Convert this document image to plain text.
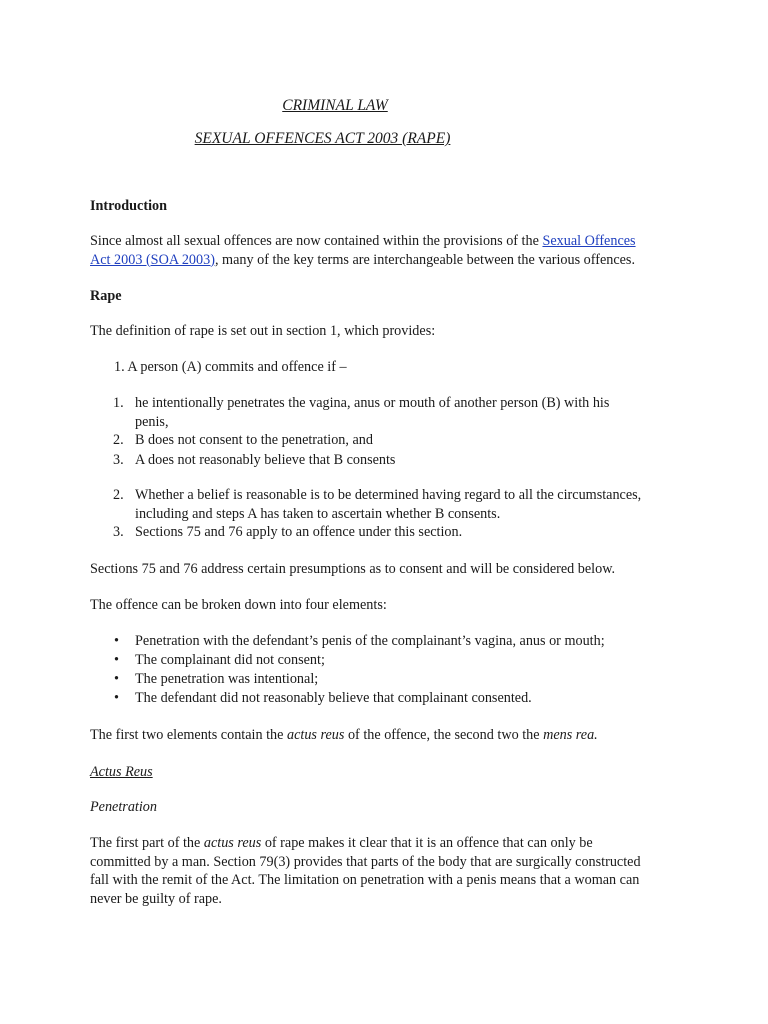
CRIMINAL LAW
SEXUAL OFFENCES ACT 2003 (RAPE)
Introduction
Since almost all sexual offences are now contained within the provisions of the Sexual Offences
Act 2003 (SOA 2003), many of the key terms are interchangeable between the various offences.
Rape
The definition of rape is set out in section 1, which provides:
1. A person (A) commits and offence if –
1. he intentionally penetrates the vagina, anus or mouth of another person (B) with his
penis,
2. B does not consent to the penetration, and
3. A does not reasonably believe that B consents
2. Whether a belief is reasonable is to be determined having regard to all the circumstances,
including and steps A has taken to ascertain whether B consents.
3. Sections 75 and 76 apply to an offence under this section.
Sections 75 and 76 address certain presumptions as to consent and will be considered below.
The offence can be broken down into four elements:
• Penetration with the defendant’s penis of the complainant’s vagina, anus or mouth;
• The complainant did not consent;
• The penetration was intentional;
• The defendant did not reasonably believe that complainant consented.
The first two elements contain the actus reus of the offence, the second two the mens rea.
Actus Reus
Penetration
The first part of the actus reus of rape makes it clear that it is an offence that can only be
committed by a man. Section 79(3) provides that parts of the body that are surgically constructed
fall with the remit of the Act. The limitation on penetration with a penis means that a woman can
never be guilty of rape.
